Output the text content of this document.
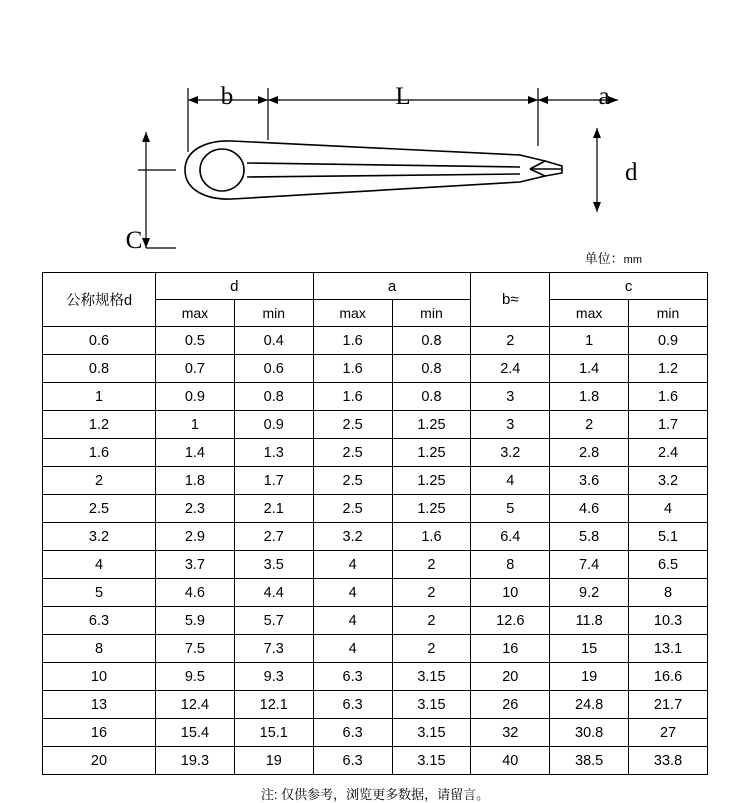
b	L	a
d
C
单位：mm
公称规格d	d		a		b≈	c	
	max	min	max	min		max	min
0.6	0.5	0.4	1.6	0.8	2	1	0.9
0.8	0.7	0.6	1.6	0.8	2.4	1.4	1.2
1	0.9	0.8	1.6	0.8	3	1.8	1.6
1.2	1	0.9	2.5	1.25	3	2	1.7
1.6	1.4	1.3	2.5	1.25	3.2	2.8	2.4
2	1.8	1.7	2.5	1.25	4	3.6	3.2
2.5	2.3	2.1	2.5	1.25	5	4.6	4
3.2	2.9	2.7	3.2	1.6	6.4	5.8	5.1
4	3.7	3.5	4	2	8	7.4	6.5
5	4.6	4.4	4	2	10	9.2	8
6.3	5.9	5.7	4	2	12.6	11.8	10.3
8	7.5	7.3	4	2	16	15	13.1
10	9.5	9.3	6.3	3.15	20	19	16.6
13	12.4	12.1	6.3	3.15	26	24.8	21.7
16	15.4	15.1	6.3	3.15	32	30.8	27
20	19.3	19	6.3	3.15	40	38.5	33.8
注: 仅供参考，浏览更多数据，请留言。
